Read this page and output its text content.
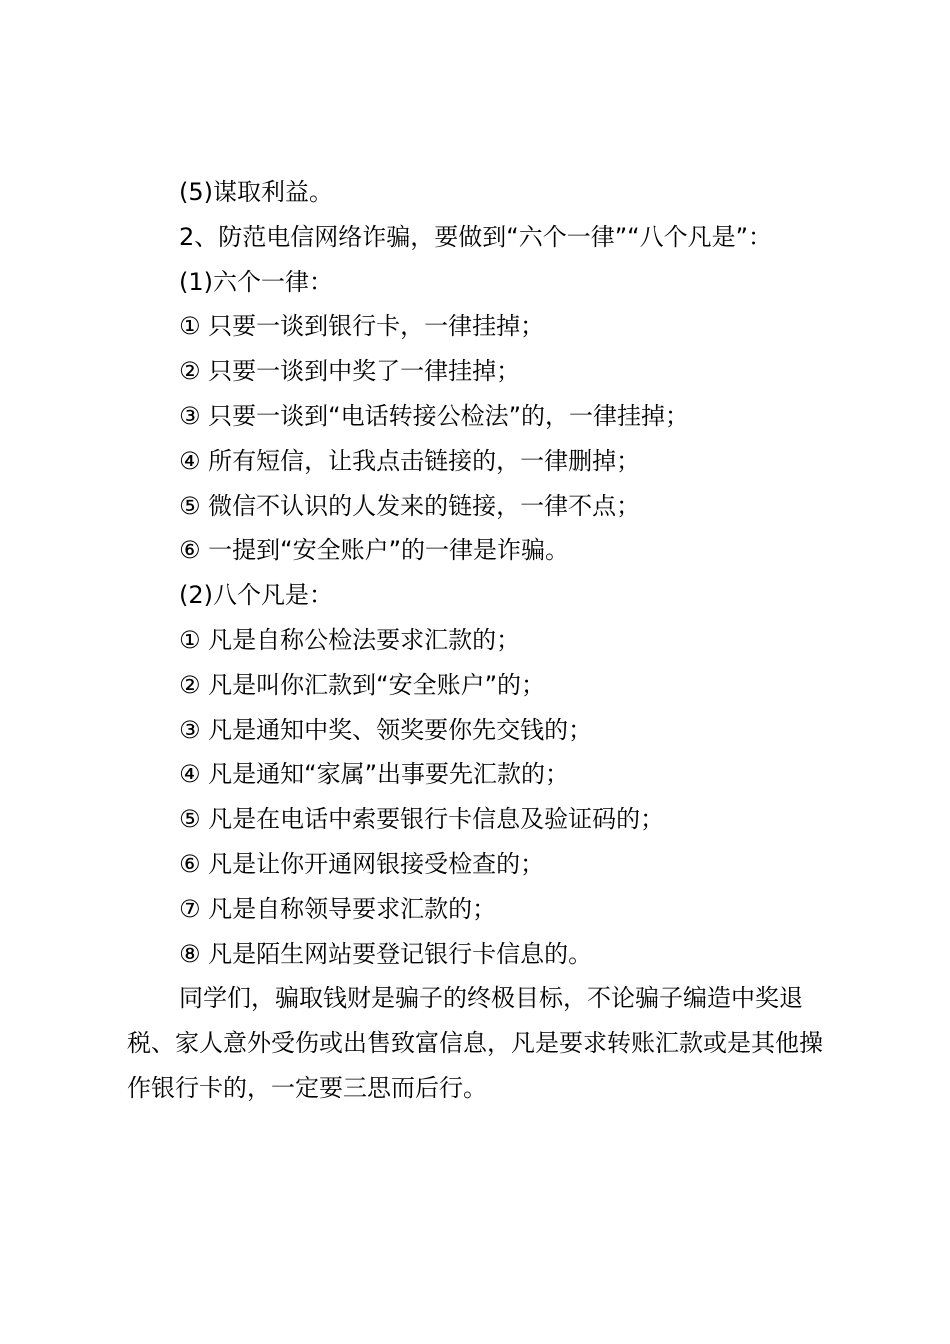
(5)谋取利益。
2、防范电信网络诈骗，要做到“六个一律”“八个凡是”：
(1)六个一律：
① 只要一谈到银行卡，一律挂掉；
② 只要一谈到中奖了一律挂掉；
③ 只要一谈到“电话转接公检法”的，一律挂掉；
④ 所有短信，让我点击链接的，一律删掉；
⑤ 微信不认识的人发来的链接，一律不点；
⑥ 一提到“安全账户”的一律是诈骗。
(2)八个凡是：
① 凡是自称公检法要求汇款的；
② 凡是叫你汇款到“安全账户”的；
③ 凡是通知中奖、领奖要你先交钱的；
④ 凡是通知“家属”出事要先汇款的；
⑤ 凡是在电话中索要银行卡信息及验证码的；
⑥ 凡是让你开通网银接受检查的；
⑦ 凡是自称领导要求汇款的；
⑧ 凡是陌生网站要登记银行卡信息的。
同学们，骗取钱财是骗子的终极目标，不论骗子编造中奖退税、家人意外受伤或出售致富信息，凡是要求转账汇款或是其他操作银行卡的，一定要三思而后行。
